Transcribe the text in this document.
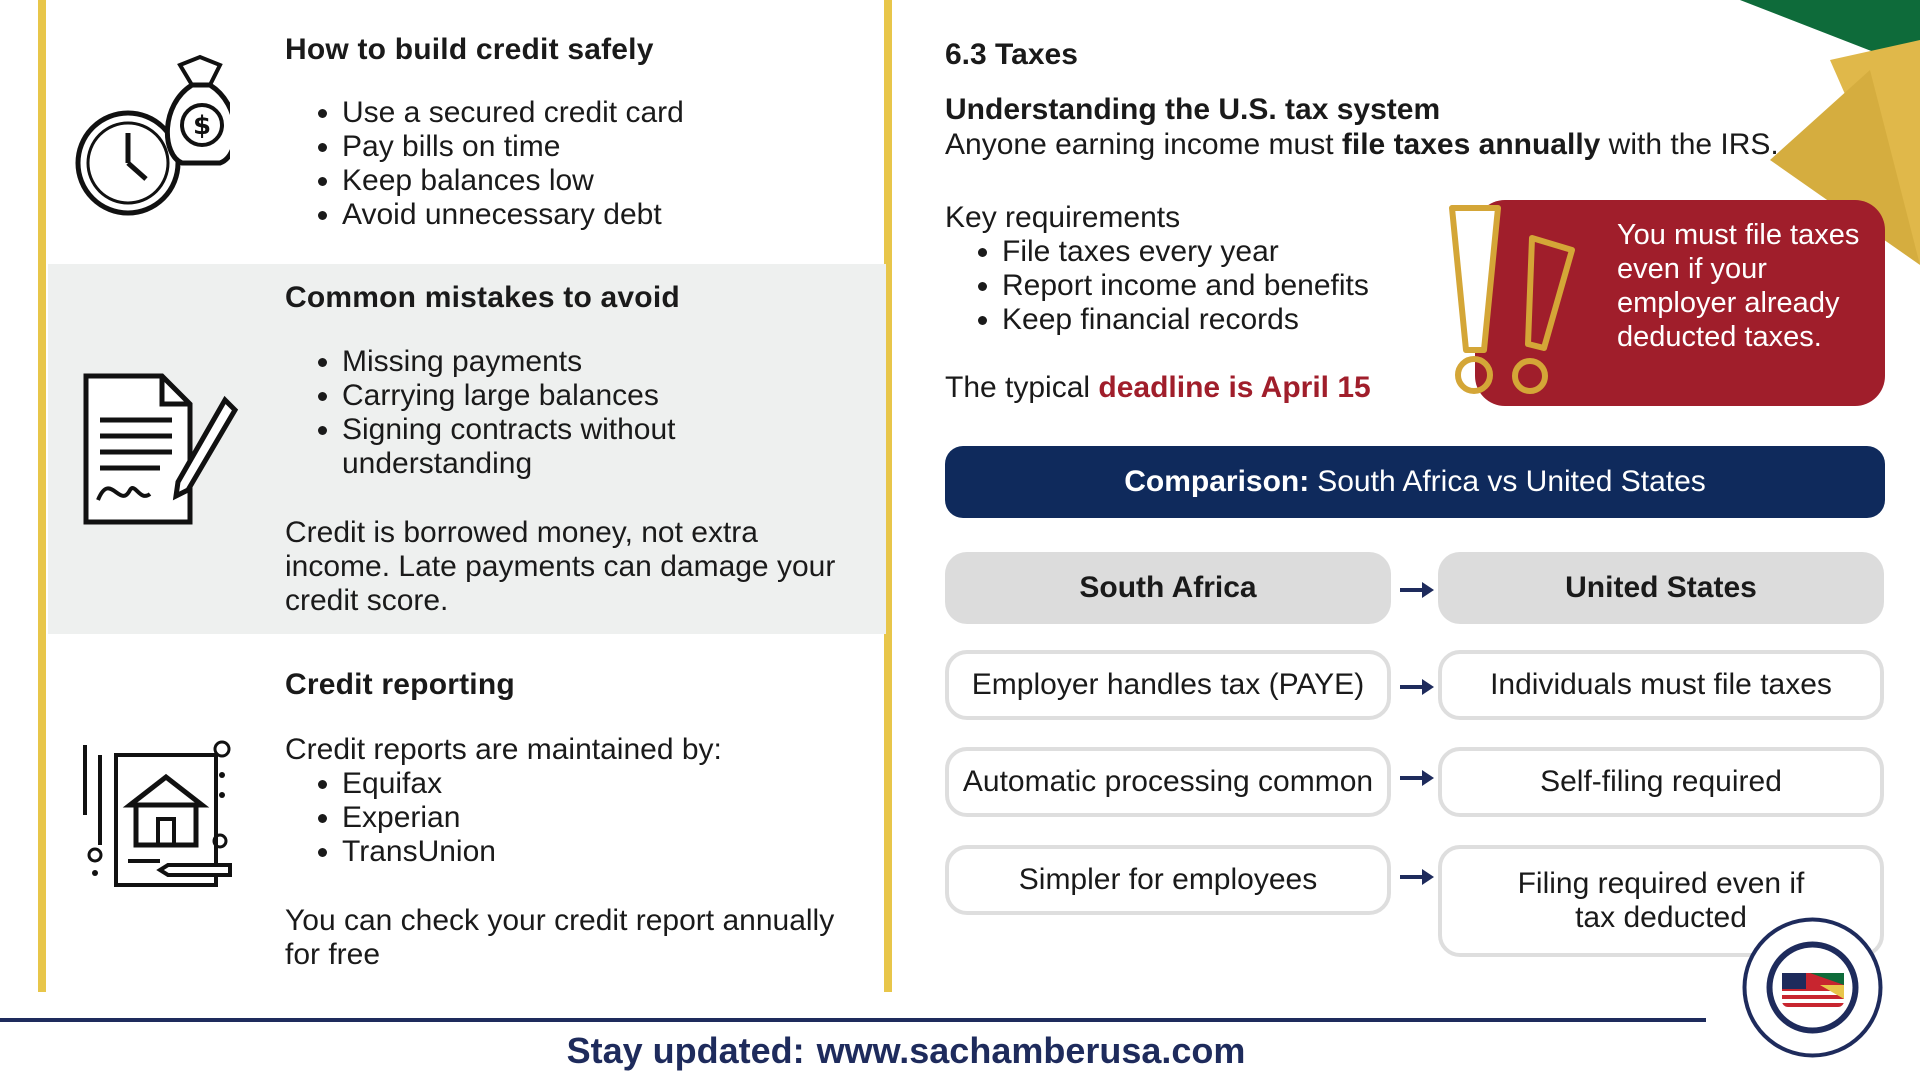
$
How to build credit safely
• Use a secured credit card
• Pay bills on time
• Keep balances low
• Avoid unnecessary debt
Common mistakes to avoid
• Missing payments
• Carrying large balances
• Signing contracts without understanding
Credit is borrowed money, not extra income. Late payments can damage your credit score.
Credit reporting
Credit reports are maintained by:
• Equifax
• Experian
• TransUnion
You can check your credit report annually for free
6.3 Taxes
Understanding the U.S. tax system
Anyone earning income must file taxes annually with the IRS.
Key requirements
• File taxes every year
• Report income and benefits
• Keep financial records
The typical deadline is April 15
You must file taxes even if your employer already deducted taxes.
Comparison: South Africa vs United States
South Africa	United States
Employer handles tax (PAYE)	Individuals must file taxes
Automatic processing common	Self-filing required
Simpler for employees	Filing required even if tax deducted
Stay updated: www.sachamberusa.com
